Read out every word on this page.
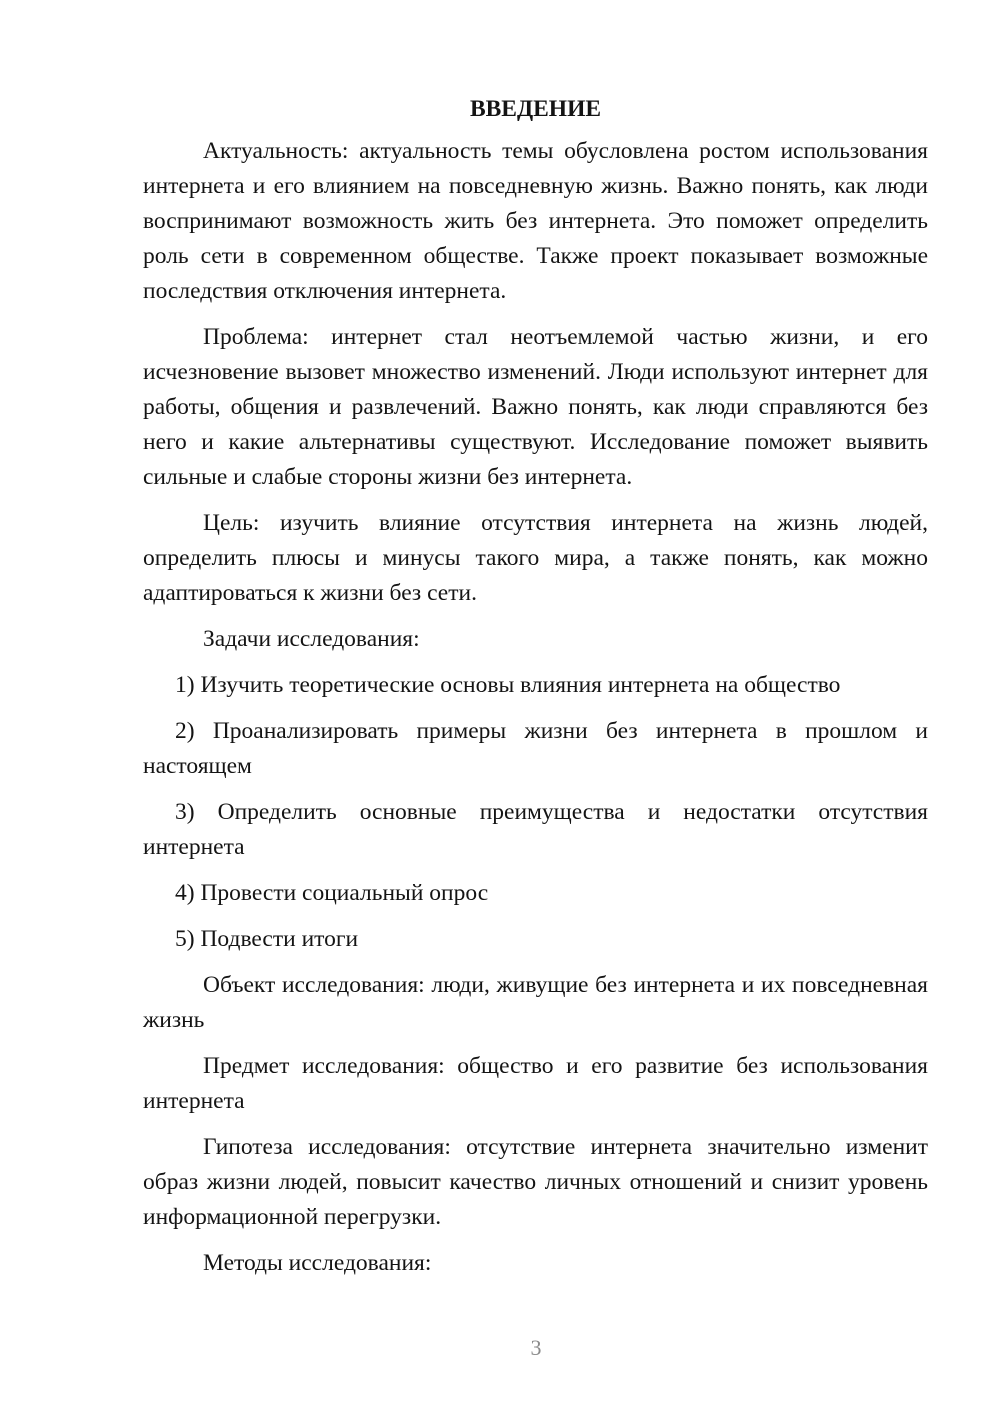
ВВЕДЕНИЕ

Актуальность: актуальность темы обусловлена ростом использования интернета и его влиянием на повседневную жизнь. Важно понять, как люди воспринимают возможность жить без интернета. Это поможет определить роль сети в современном обществе. Также проект показывает возможные последствия отключения интернета.

Проблема: интернет стал неотъемлемой частью жизни, и его исчезновение вызовет множество изменений. Люди используют интернет для работы, общения и развлечений. Важно понять, как люди справляются без него и какие альтернативы существуют. Исследование поможет выявить сильные и слабые стороны жизни без интернета.

Цель: изучить влияние отсутствия интернета на жизнь людей, определить плюсы и минусы такого мира, а также понять, как можно адаптироваться к жизни без сети.

Задачи исследования:

1) Изучить теоретические основы влияния интернета на общество

2) Проанализировать примеры жизни без интернета в прошлом и настоящем

3) Определить основные преимущества и недостатки отсутствия интернета

4) Провести социальный опрос

5) Подвести итоги

Объект исследования: люди, живущие без интернета и их повседневная жизнь

Предмет исследования: общество и его развитие без использования интернета

Гипотеза исследования: отсутствие интернета значительно изменит образ жизни людей, повысит качество личных отношений и снизит уровень информационной перегрузки.

Методы исследования:

3
